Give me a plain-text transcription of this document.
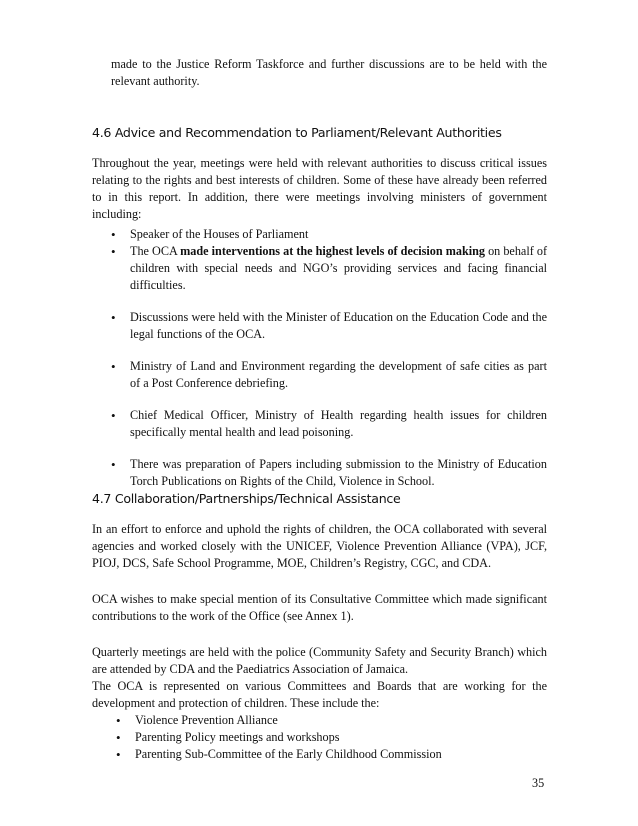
made to the Justice Reform Taskforce and further discussions are to be held with the relevant authority.

4.6 Advice and Recommendation to Parliament/Relevant Authorities

Throughout the year, meetings were held with relevant authorities to discuss critical issues relating to the rights and best interests of children. Some of these have already been referred to in this report. In addition, there were meetings involving ministers of government including:

• Speaker of the Houses of Parliament
• The OCA made interventions at the highest levels of decision making on behalf of children with special needs and NGO’s providing services and facing financial difficulties.
• Discussions were held with the Minister of Education on the Education Code and the legal functions of the OCA.
• Ministry of Land and Environment regarding the development of safe cities as part of a Post Conference debriefing.
• Chief Medical Officer, Ministry of Health regarding health issues for children specifically mental health and lead poisoning.
• There was preparation of Papers including submission to the Ministry of Education Torch Publications on Rights of the Child, Violence in School.
4.7 Collaboration/Partnerships/Technical Assistance

In an effort to enforce and uphold the rights of children, the OCA collaborated with several agencies and worked closely with the UNICEF, Violence Prevention Alliance (VPA), JCF, PIOJ, DCS, Safe School Programme, MOE, Children’s Registry, CGC, and CDA.

OCA wishes to make special mention of its Consultative Committee which made significant contributions to the work of the Office (see Annex 1).

Quarterly meetings are held with the police (Community Safety and Security Branch) which are attended by CDA and the Paediatrics Association of Jamaica.

The OCA is represented on various Committees and Boards that are working for the development and protection of children. These include the:

• Violence Prevention Alliance
• Parenting Policy meetings and workshops
• Parenting Sub-Committee of the Early Childhood Commission
35
